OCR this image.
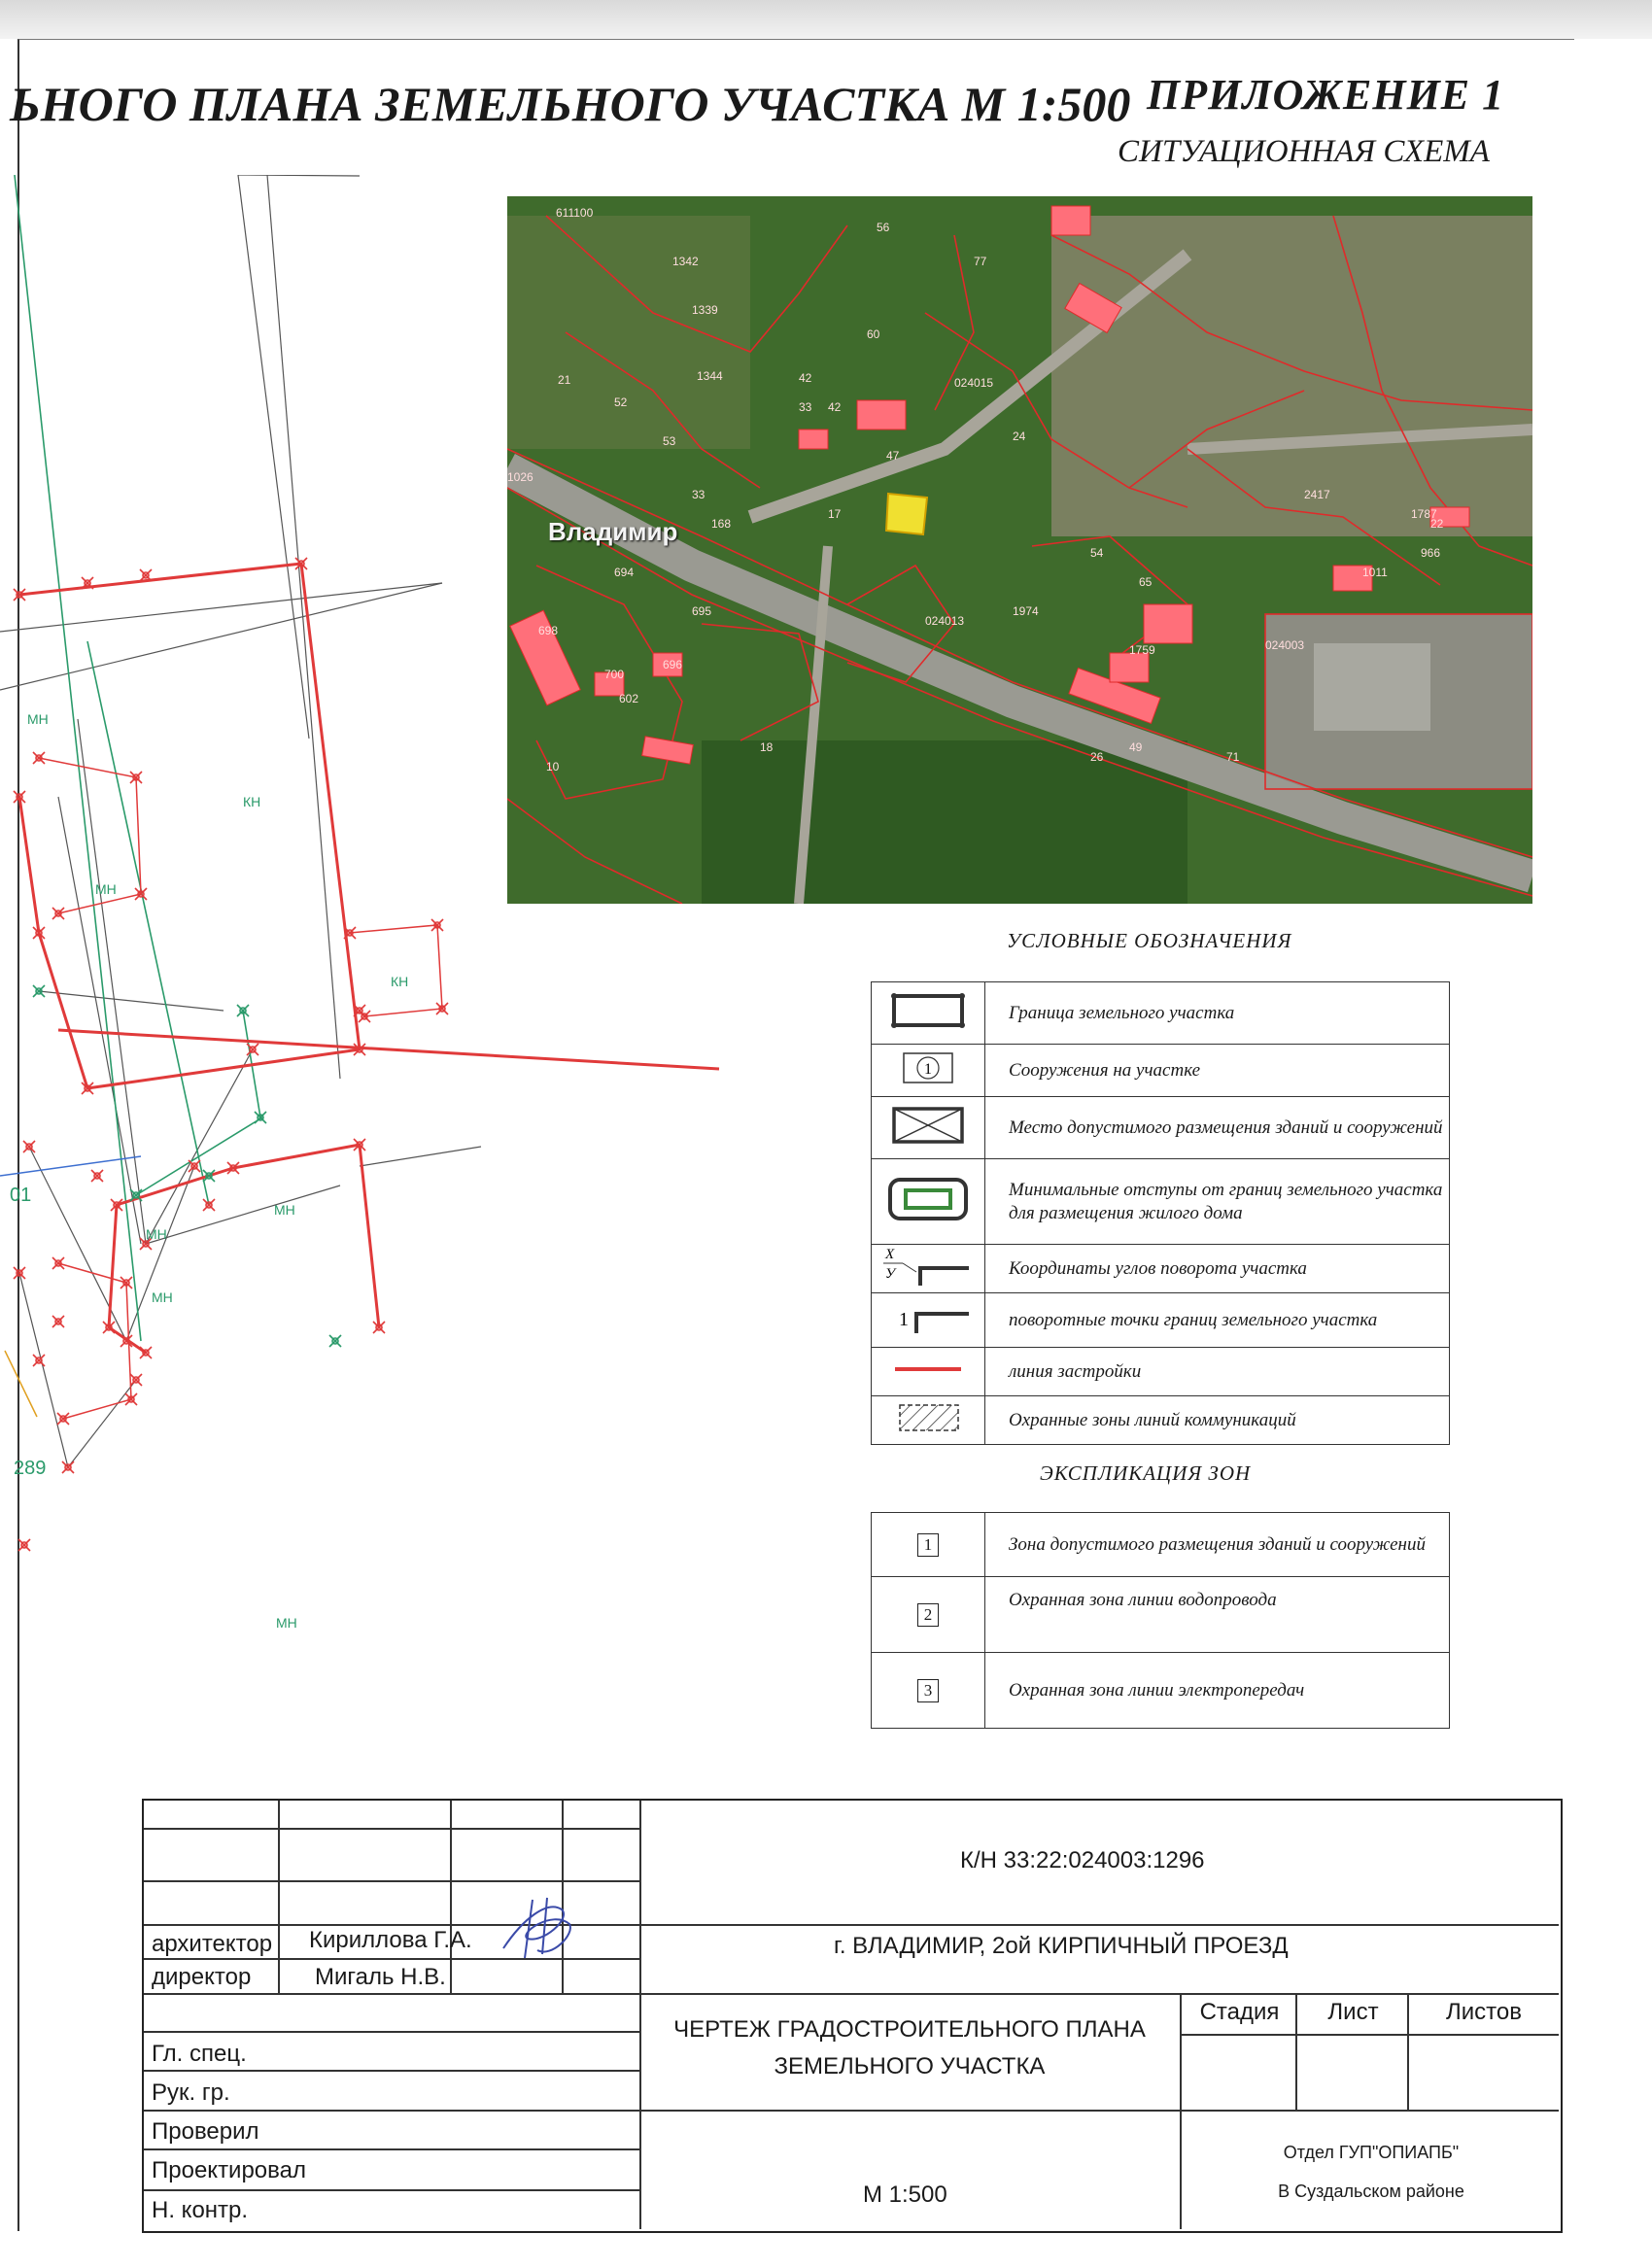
ЬНОГО ПЛАНА ЗЕМЕЛЬНОГО УЧАСТКА М 1:500 ПРИЛОЖЕНИЕ 1
СИТУАЦИОННАЯ СХЕМА
МН
КН
МН
КН
МН
МН
МН
МН
289
01
Владимир
611100
1342
56
1339
60
1344
21
53
52	42
33
1026
168
694
695
698
700
696
602
10
18
24
47
26
49
71
17
54
65
1974
1759
1787
22
1011
966
024013
024003
024015
2417
77
42
33
УСЛОВНЫЕ ОБОЗНАЧЕНИЯ
	Граница земельного участка

1	Сооружения на участке
	Место допустимого размещения зданий и сооружений
	Минимальные отступы от границ земельного участка для размещения жилого дома

X
У	Координаты углов поворота участка

1	поворотные точки границ земельного участка
	линия застройки
	Охранные зоны линий коммуникаций
ЭКСПЛИКАЦИЯ ЗОН
1	Зона допустимого размещения зданий и сооружений
2	Охранная зона линии водопровода
3	Охранная зона линии электропередач
К/Н 33:22:024003:1296
г. ВЛАДИМИР, 2ой КИРПИЧНЫЙ ПРОЕЗД
ЧЕРТЕЖ ГРАДОСТРОИТЕЛЬНОГО ПЛАНА
ЗЕМЕЛЬНОГО УЧАСТКА
Стадия	Лист	Листов
М 1:500
Отдел ГУП"ОПИАПБ"
В Суздальском районе
архитектор Кириллова Г.А.
директор	Мигаль Н.В.
Гл. спец.
Рук. гр.
Проверил
Проектировал
Н. контр.
